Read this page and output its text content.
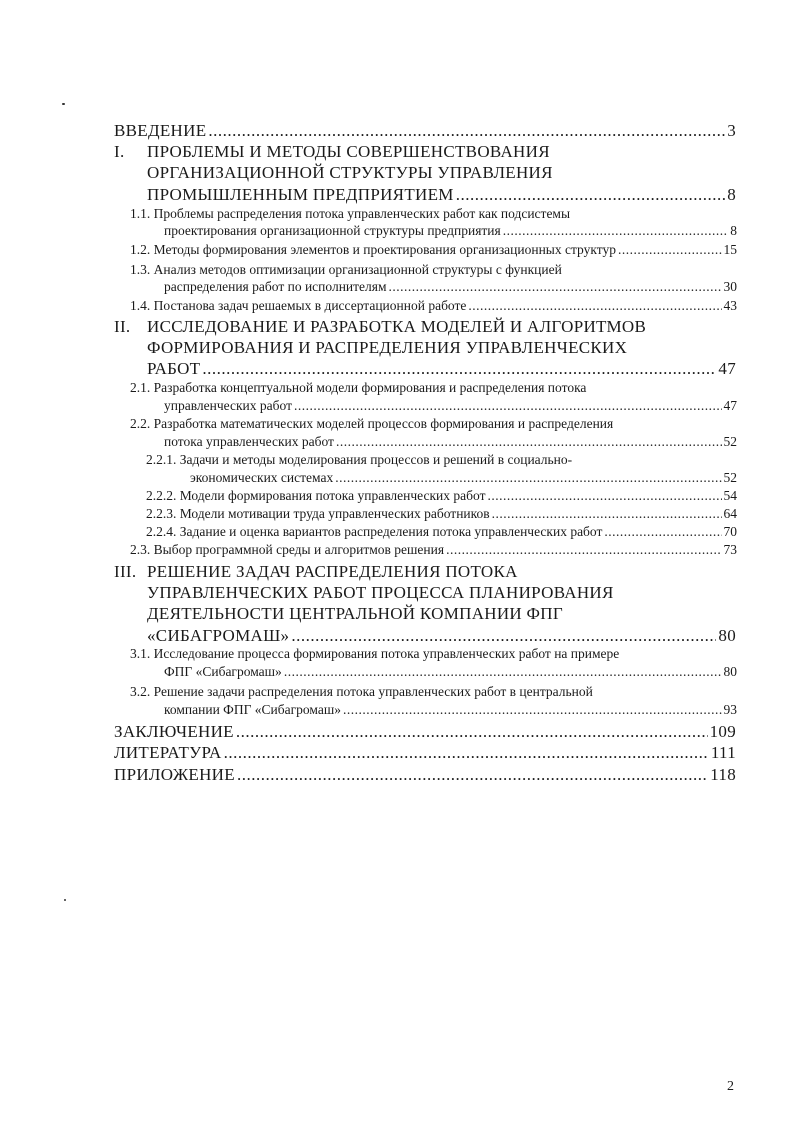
ВВЕДЕНИЕ .....	3
I. ПРОБЛЕМЫ И МЕТОДЫ СОВЕРШЕНСТВОВАНИЯ
ОРГАНИЗАЦИОННОЙ СТРУКТУРЫ УПРАВЛЕНИЯ
ПРОМЫШЛЕННЫМ ПРЕДПРИЯТИЕМ .....	8
1.1. Проблемы распределения потока управленческих работ как подсистемы
проектирования организационной структуры предприятия .....	8
1.2. Методы формирования элементов и проектирования организационных структур .....	15
1.3. Анализ методов оптимизации организационной структуры с функцией
распределения работ по исполнителям .....	30
1.4. Постанова задач решаемых в диссертационной работе .....	43
II. ИССЛЕДОВАНИЕ И РАЗРАБОТКА МОДЕЛЕЙ И АЛГОРИТМОВ
ФОРМИРОВАНИЯ И РАСПРЕДЕЛЕНИЯ УПРАВЛЕНЧЕСКИХ
РАБОТ .....	47
2.1. Разработка концептуальной модели формирования и распределения потока
управленческих работ .....	47
2.2. Разработка математических моделей процессов формирования и распределения
потока управленческих работ .....	52
2.2.1. Задачи и методы моделирования процессов и решений в социально-
экономических системах .....	52
2.2.2. Модели формирования потока управленческих работ .....	54
2.2.3. Модели мотивации труда управленческих работников .....	64
2.2.4. Задание и оценка вариантов распределения потока управленческих работ .....	70
2.3. Выбор программной среды и алгоритмов решения .....	73
III. РЕШЕНИЕ ЗАДАЧ РАСПРЕДЕЛЕНИЯ ПОТОКА
УПРАВЛЕНЧЕСКИХ РАБОТ ПРОЦЕССА ПЛАНИРОВАНИЯ
ДЕЯТЕЛЬНОСТИ ЦЕНТРАЛЬНОЙ КОМПАНИИ ФПГ
«СИБАГРОМАШ» .....	80
3.1. Исследование процесса формирования потока управленческих работ на примере
ФПГ «Сибагромаш» .....	80
3.2. Решение задачи распределения потока управленческих работ в центральной
компании ФПГ «Сибагромаш» .....	93
ЗАКЛЮЧЕНИЕ .....	109
ЛИТЕРАТУРА .....	111
ПРИЛОЖЕНИЕ .....	118
2
